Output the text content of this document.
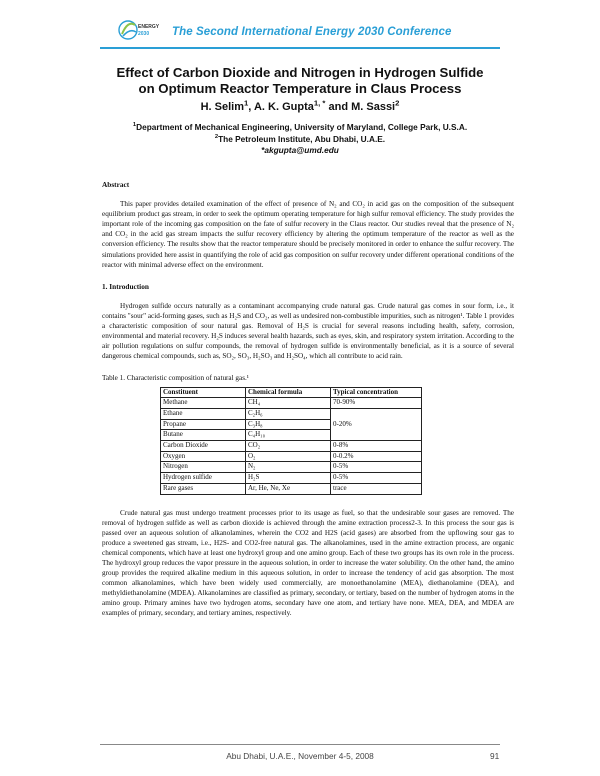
ENERGY
2030 The Second International Energy 2030 Conference
Effect of Carbon Dioxide and Nitrogen in Hydrogen Sulfide
on Optimum Reactor Temperature in Claus Process
H. Selim$^1$, A. K. Gupta$^{1, *}$ and M. Sassi$^2$
$^1$Department of Mechanical Engineering, University of Maryland, College Park, U.S.A.
$^2$The Petroleum Institute, Abu Dhabi, U.A.E.
*akgupta@umd.edu
Abstract
This paper provides detailed examination of the effect of presence of N₂ and CO₂ in acid gas on the composition of the subsequent equilibrium product gas stream, in order to seek the optimum operating temperature for high sulfur removal efficiency. The study provides the important role of the incoming gas composition on the fate of sulfur recovery in the Claus reactor. Our studies reveal that the presence of N₂ and CO₂ in the acid gas stream impacts the sulfur recovery efficiency by altering the optimum temperature of the reactor as well as the conversion efficiency. The results show that the reactor temperature should be precisely monitored in order to enhance the sulfur recovery. The simulations provided here assist in quantifying the role of acid gas composition on sulfur recovery under different operational conditions of the reactor with minimal adverse effect on the environment.
1. Introduction
Hydrogen sulfide occurs naturally as a contaminant accompanying crude natural gas. Crude natural gas comes in sour form, i.e., it contains "sour" acid-forming gases, such as H₂S and CO₂, as well as undesired non-combustible impurities, such as nitrogen¹. Table 1 provides a characteristic composition of sour natural gas. Removal of H₂S is crucial for several reasons including health, safety, corrosion, environmental and material recovery. H₂S induces several health hazards, such as eyes, skin, and respiratory system irritation. According to the air pollution regulations on sulfur compounds, the removal of hydrogen sulfide is environmentally beneficial, as it is a source of several dangerous chemical compounds, such as, SO₂, SO₃, H₂SO₃ and H₂SO₄, which all contribute to acid rain.
Table 1. Characteristic composition of natural gas.¹
Constituent	Chemical formula	Typical concentration
Methane	CH₄	70-90%
Ethane	C₂H₆	0-20%
Propane	C₃H₈	
Butane	C₄H₁₀	
Carbon Dioxide	CO₂	0-8%
Oxygen	O₂	0-0.2%
Nitrogen	N₂	0-5%
Hydrogen sulfide	H₂S	0-5%
Rare gases	Ar, He, Ne, Xe	trace
Crude natural gas must undergo treatment processes prior to its usage as fuel, so that the undesirable sour gases are removed. The removal of hydrogen sulfide as well as carbon dioxide is achieved through the amine extraction process2-3. In this process the sour gas is passed over an aqueous solution of alkanolamines, wherein the CO2 and H2S (acid gases) are absorbed from the upflowing sour gas to produce a sweetened gas stream, i.e., H2S- and CO2-free natural gas. The alkanolamines, used in the amine extraction process, are organic chemical components, which have at least one hydroxyl group and one amino group. Each of these two groups has its own role in the process. The hydroxyl group reduces the vapor pressure in the aqueous solution, in order to increase the water solubility. On the other hand, the amino group provides the required alkaline medium in this aqueous solution, in order to increase the tendency of acid gas absorption. The most common alkanolamines, which have been widely used commercially, are monoethanolamine (MEA), diethanolamine (DEA), and methyldiethanolamine (MDEA). Alkanolamines are classified as primary, secondary, or tertiary, based on the number of hydrogen atoms in the amino group. Primary amines have two hydrogen atoms, secondary have one atom, and tertiary have none. MEA, DEA, and MDEA are examples of primary, secondary, and tertiary amines, respectively.
Abu Dhabi, U.A.E., November 4-5, 2008	91
